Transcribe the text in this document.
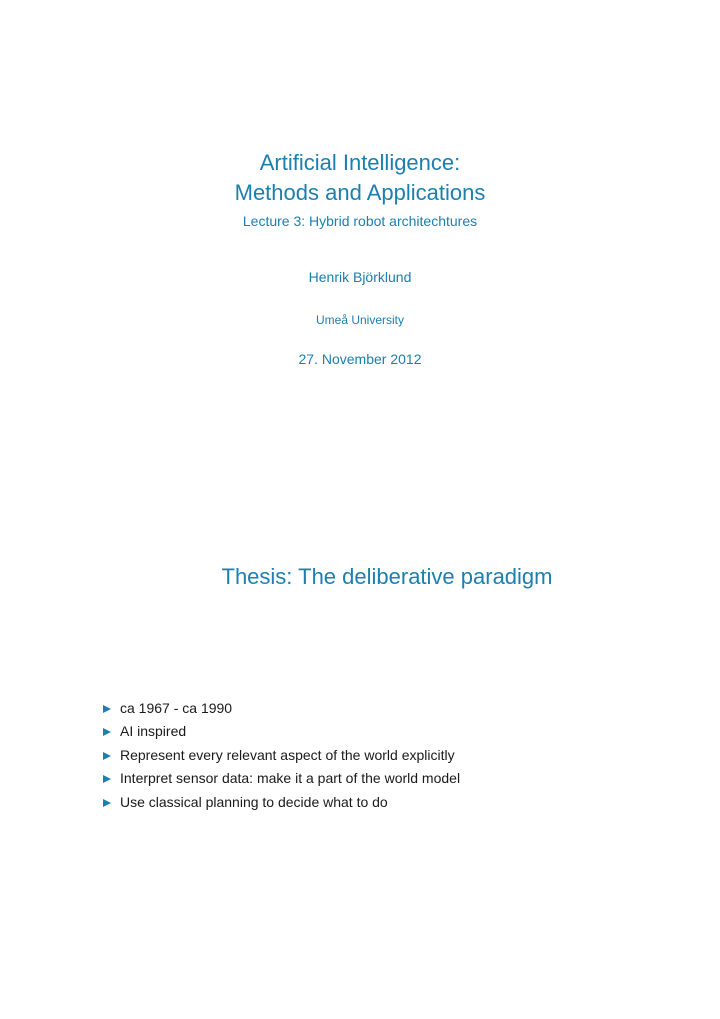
Artificial Intelligence:
Methods and Applications
Lecture 3: Hybrid robot architechtures
Henrik Björklund
Umeå University
27. November 2012
Thesis: The deliberative paradigm
ca 1967 - ca 1990
AI inspired
Represent every relevant aspect of the world explicitly
Interpret sensor data: make it a part of the world model
Use classical planning to decide what to do
